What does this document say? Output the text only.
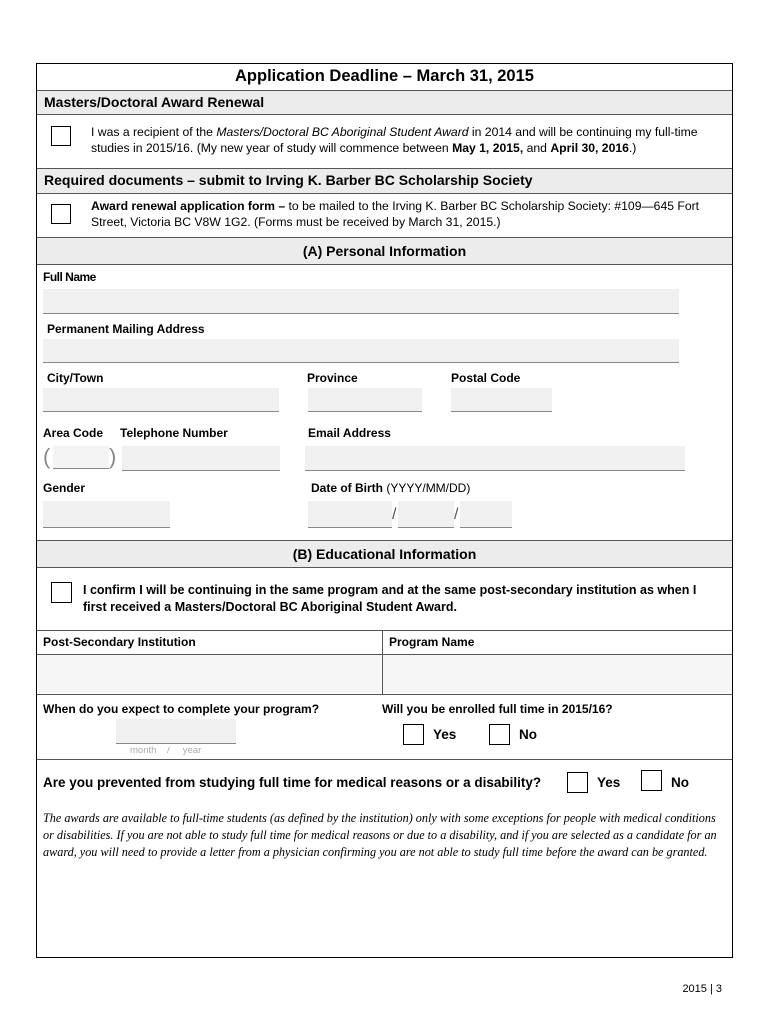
Application Deadline – March 31, 2015
Masters/Doctoral Award Renewal
I was a recipient of the Masters/Doctoral BC Aboriginal Student Award in 2014 and will be continuing my full-time studies in 2015/16. (My new year of study will commence between May 1, 2015, and April 30, 2016.)
Required documents – submit to Irving K. Barber BC Scholarship Society
Award renewal application form – to be mailed to the Irving K. Barber BC Scholarship Society: #109—645 Fort Street, Victoria BC V8W 1G2. (Forms must be received by March 31, 2015.)
(A) Personal Information
Full Name
Permanent Mailing Address
City/Town	Province	Postal Code
Area Code Telephone Number	Email Address
(	)
Gender	Date of Birth (YYYY/MM/DD)
/	/
(B) Educational Information
I confirm I will be continuing in the same program and at the same post-secondary institution as when I first received a Masters/Doctoral BC Aboriginal Student Award.
Post-Secondary Institution	Program Name
When do you expect to complete your program?	Will you be enrolled full time in 2015/16?
month    /     year
Yes	No
Are you prevented from studying full time for medical reasons or a disability?	Yes	No
The awards are available to full-time students (as defined by the institution) only with some exceptions for people with medical conditions or disabilities. If you are not able to study full time for medical reasons or due to a disability, and if you are selected as a candidate for an award, you will need to provide a letter from a physician confirming you are not able to study full time before the award can be granted.
2015 | 3
